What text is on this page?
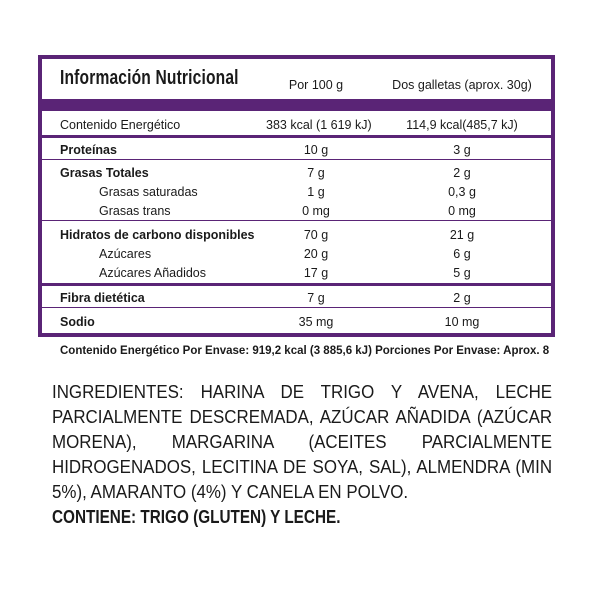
Información Nutricional	Por 100 g	Dos galletas (aprox. 30g)
Contenido Energético	383 kcal (1 619 kJ)	114,9 kcal(485,7 kJ)
Proteínas	10 g	3 g
Grasas Totales	7 g	2 g
Grasas saturadas	1 g	0,3 g
Grasas trans	0 mg	0 mg
Hidratos de carbono disponibles	70 g	21 g
Azúcares	20 g	6 g
Azúcares Añadidos	17 g	5 g
Fibra dietética	7 g	2 g
Sodio	35 mg	10 mg
Contenido Energético Por Envase: 919,2 kcal (3 885,6 kJ) Porciones Por Envase: Aprox. 8
INGREDIENTES: HARINA DE TRIGO Y AVENA, LECHE PARCIALMENTE DESCREMADA, AZÚCAR AÑADIDA (AZÚCAR MORENA), MARGARINA (ACEITES PARCIALMENTE HIDROGENADOS, LECITINA DE SOYA, SAL), ALMENDRA (MIN 5%), AMARANTO (4%) Y CANELA EN POLVO.
CONTIENE: TRIGO (GLUTEN) Y LECHE.
